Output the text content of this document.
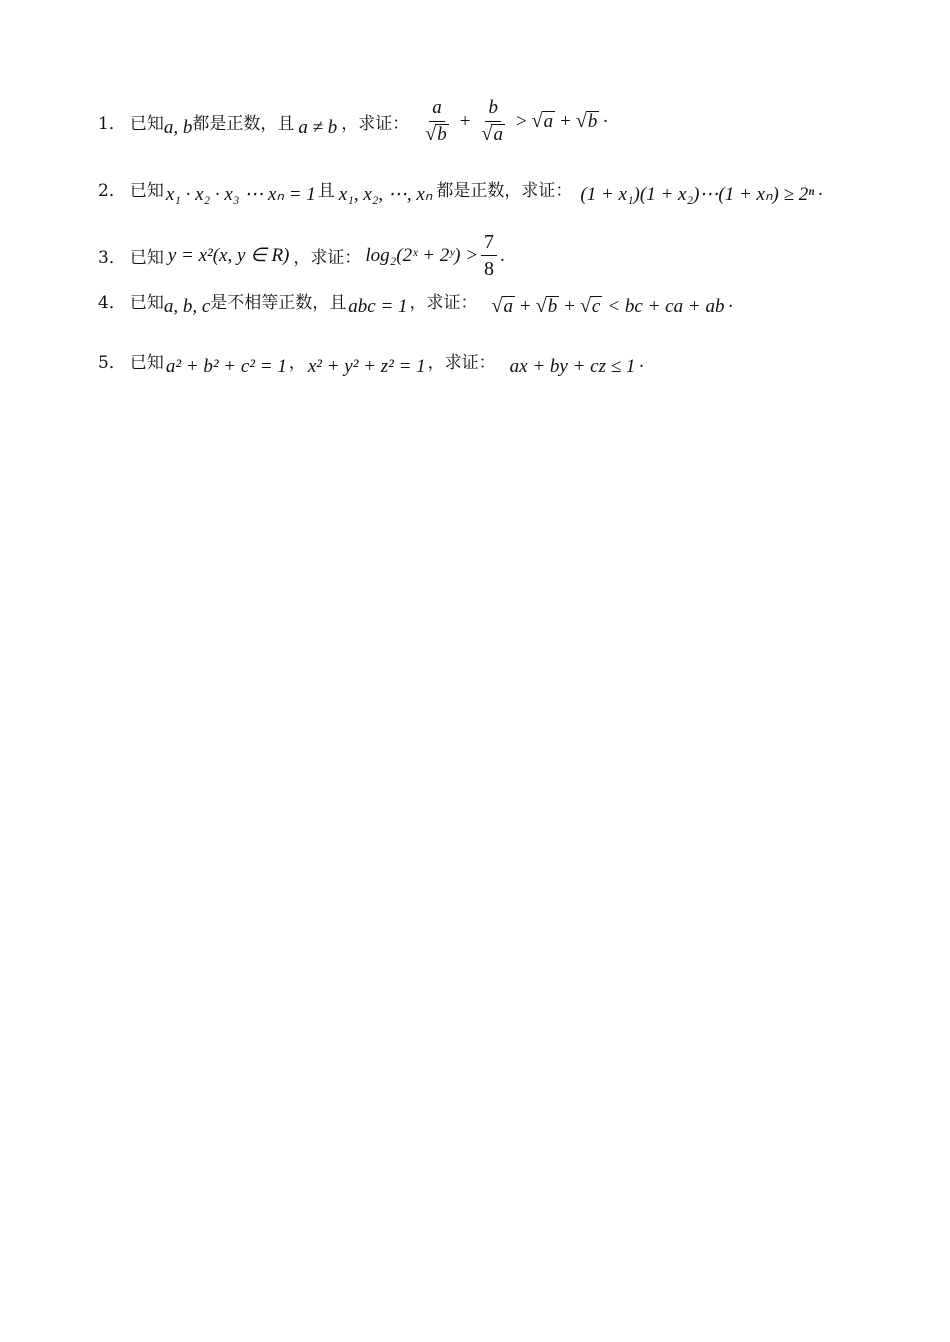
1． 已知 a, b 都是正数，且 a ≠ b ，求证： $\frac{a}{√ b} + \frac{b}{√ a}$ > √ a + √ b ·
2． 已知 x₁ · x₂ · x₃ ⋯ xₙ = 1 且 x₁, x₂, ⋯, xₙ 都是正数，求证： (1 + x₁)(1 + x₂)⋯(1 + xₙ) ≥ 2ⁿ ·
3． 已知 y = x²(x, y ∈ R) ，求证： log₂(2ˣ + 2ʸ) > $\frac{7}{8}$ .
4． 已知 a, b, c 是不相等正数，且 abc = 1 ，求证： √ a + √ b + √ c < bc + ca + ab ·
5． 已知 a² + b² + c² = 1 ， x² + y² + z² = 1 ，求证： ax + by + cz ≤ 1 ·
